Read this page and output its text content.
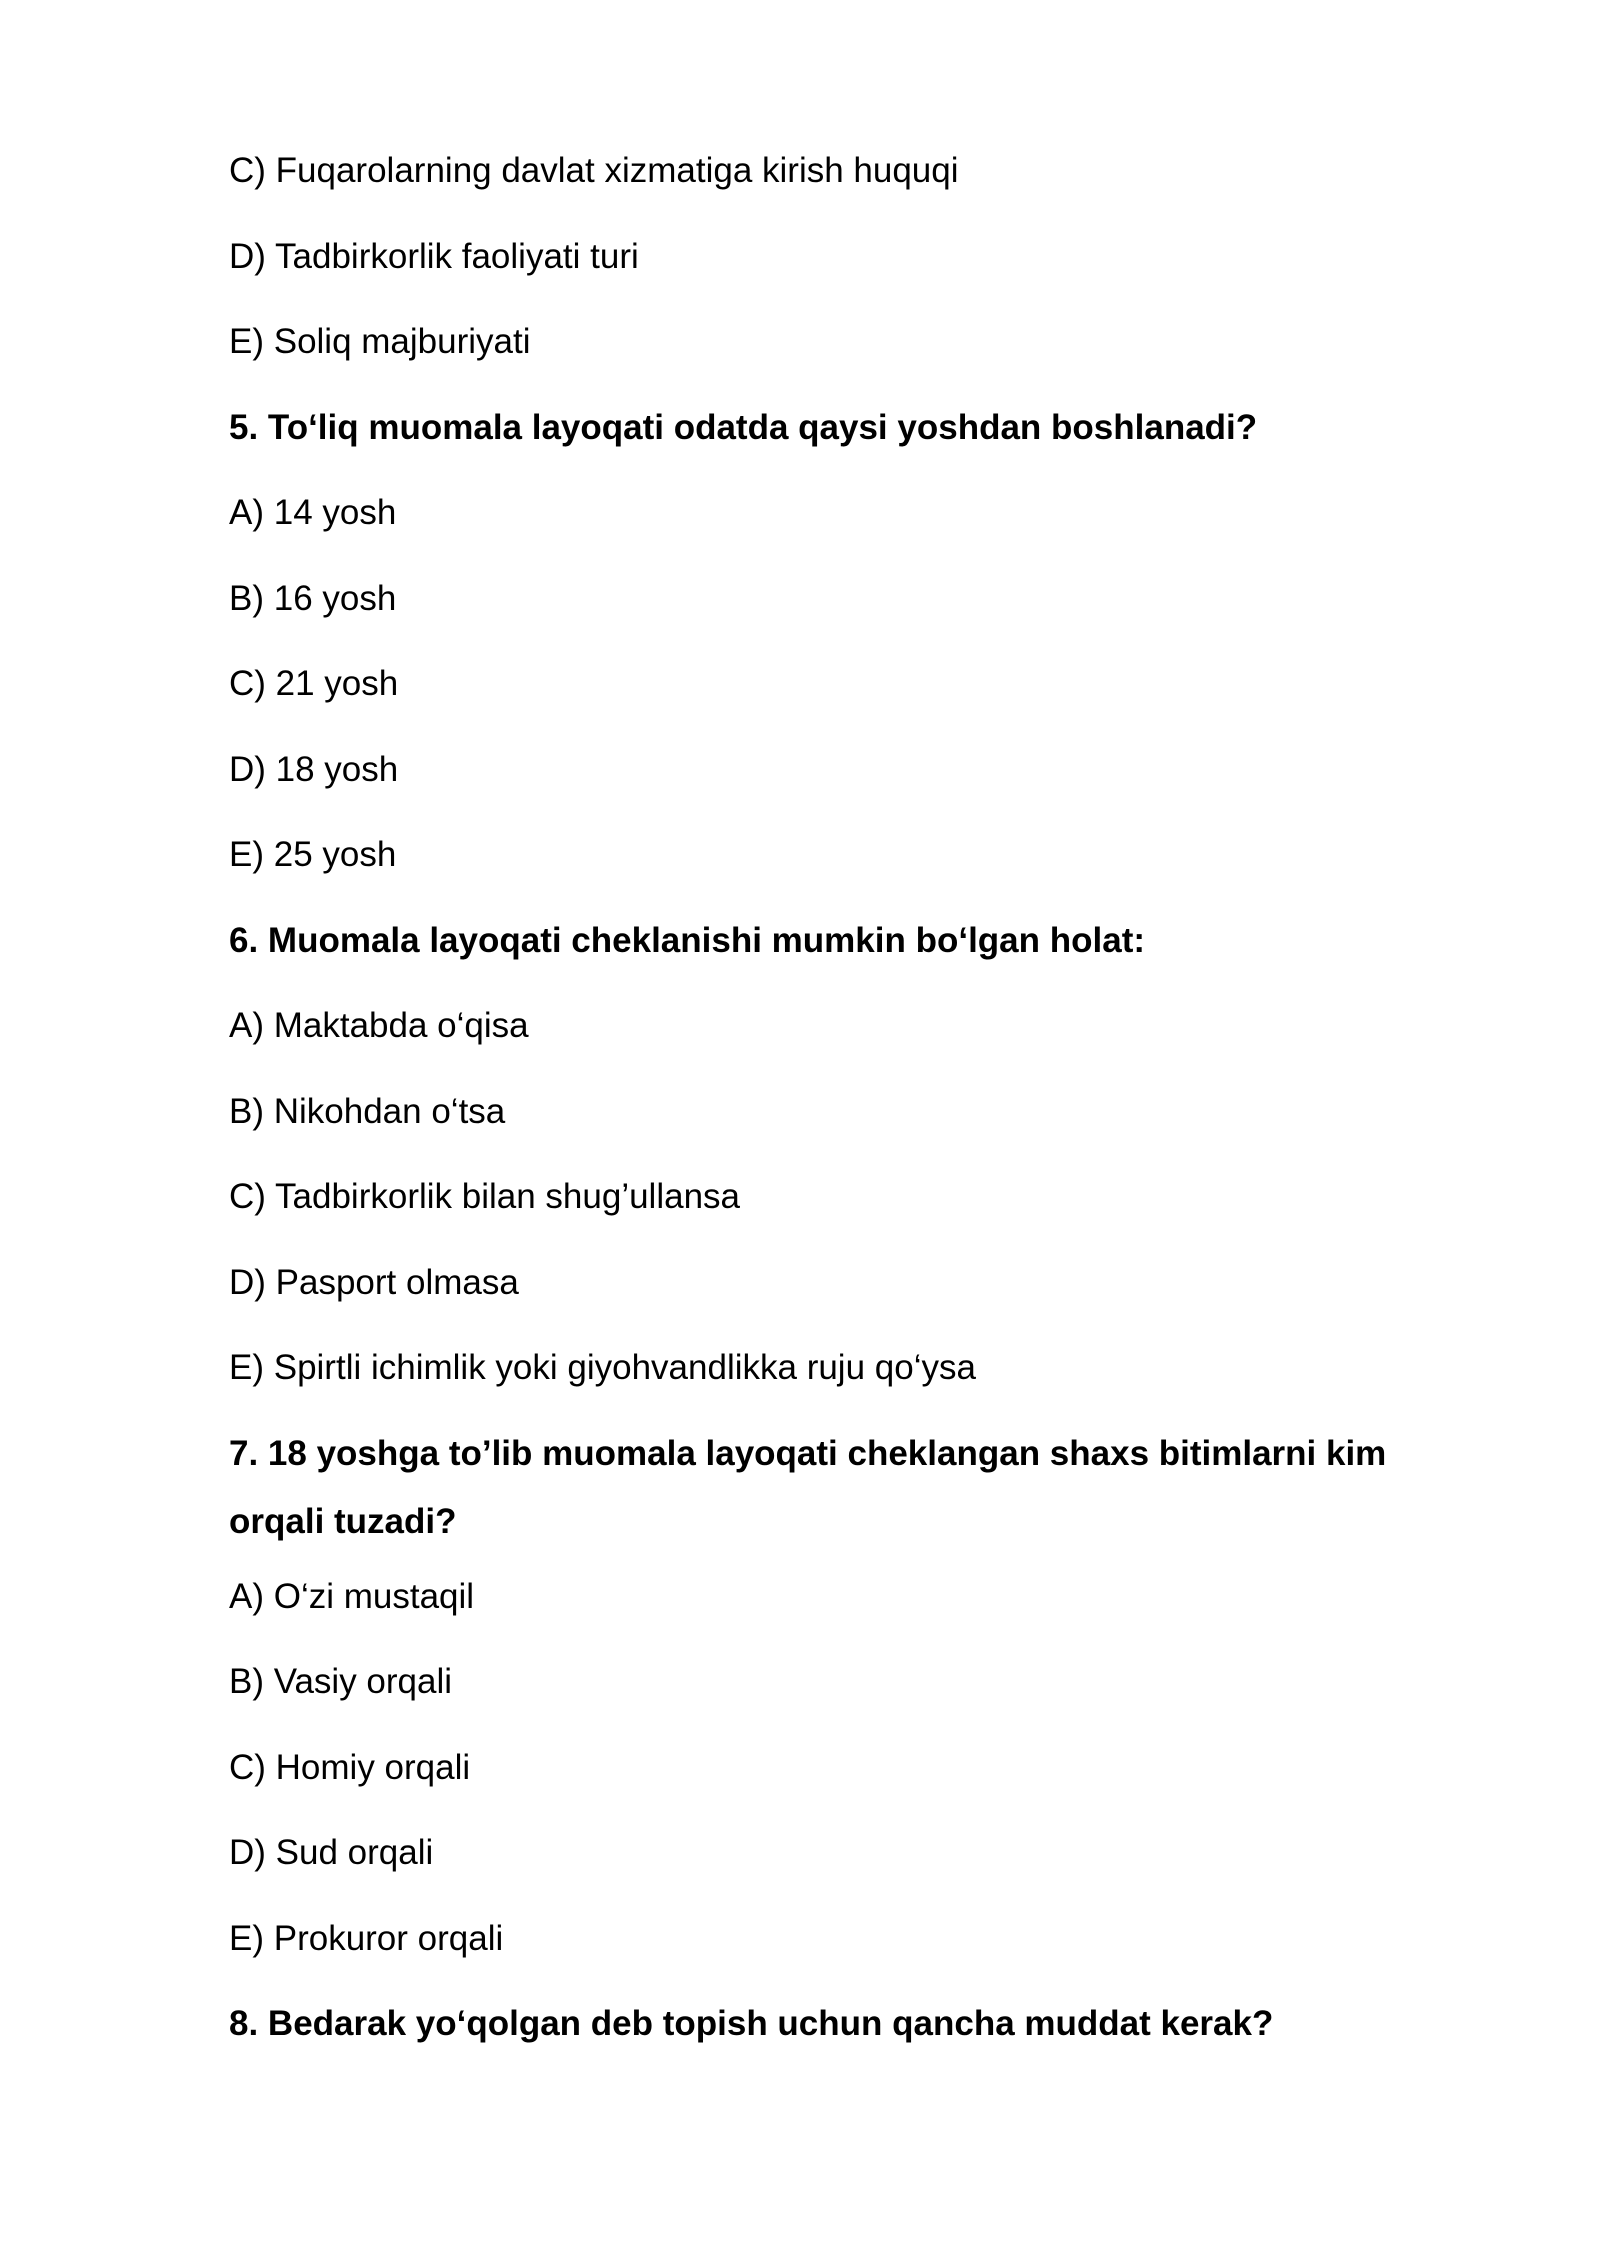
C) Fuqarolarning davlat xizmatiga kirish huquqi
D) Tadbirkorlik faoliyati turi
E) Soliq majburiyati
5. To‘liq muomala layoqati odatda qaysi yoshdan boshlanadi?
A) 14 yosh
B) 16 yosh
C) 21 yosh
D) 18 yosh
E) 25 yosh
6. Muomala layoqati cheklanishi mumkin bo‘lgan holat:
A) Maktabda o‘qisa
B) Nikohdan o‘tsa
C) Tadbirkorlik bilan shug’ullansa
D) Pasport olmasa
E) Spirtli ichimlik yoki giyohvandlikka ruju qo‘ysa
7. 18 yoshga to’lib muomala layoqati cheklangan shaxs bitimlarni kim orqali tuzadi?
A) O‘zi mustaqil
B) Vasiy orqali
C) Homiy orqali
D) Sud orqali
E) Prokuror orqali
8. Bedarak yo‘qolgan deb topish uchun qancha muddat kerak?
